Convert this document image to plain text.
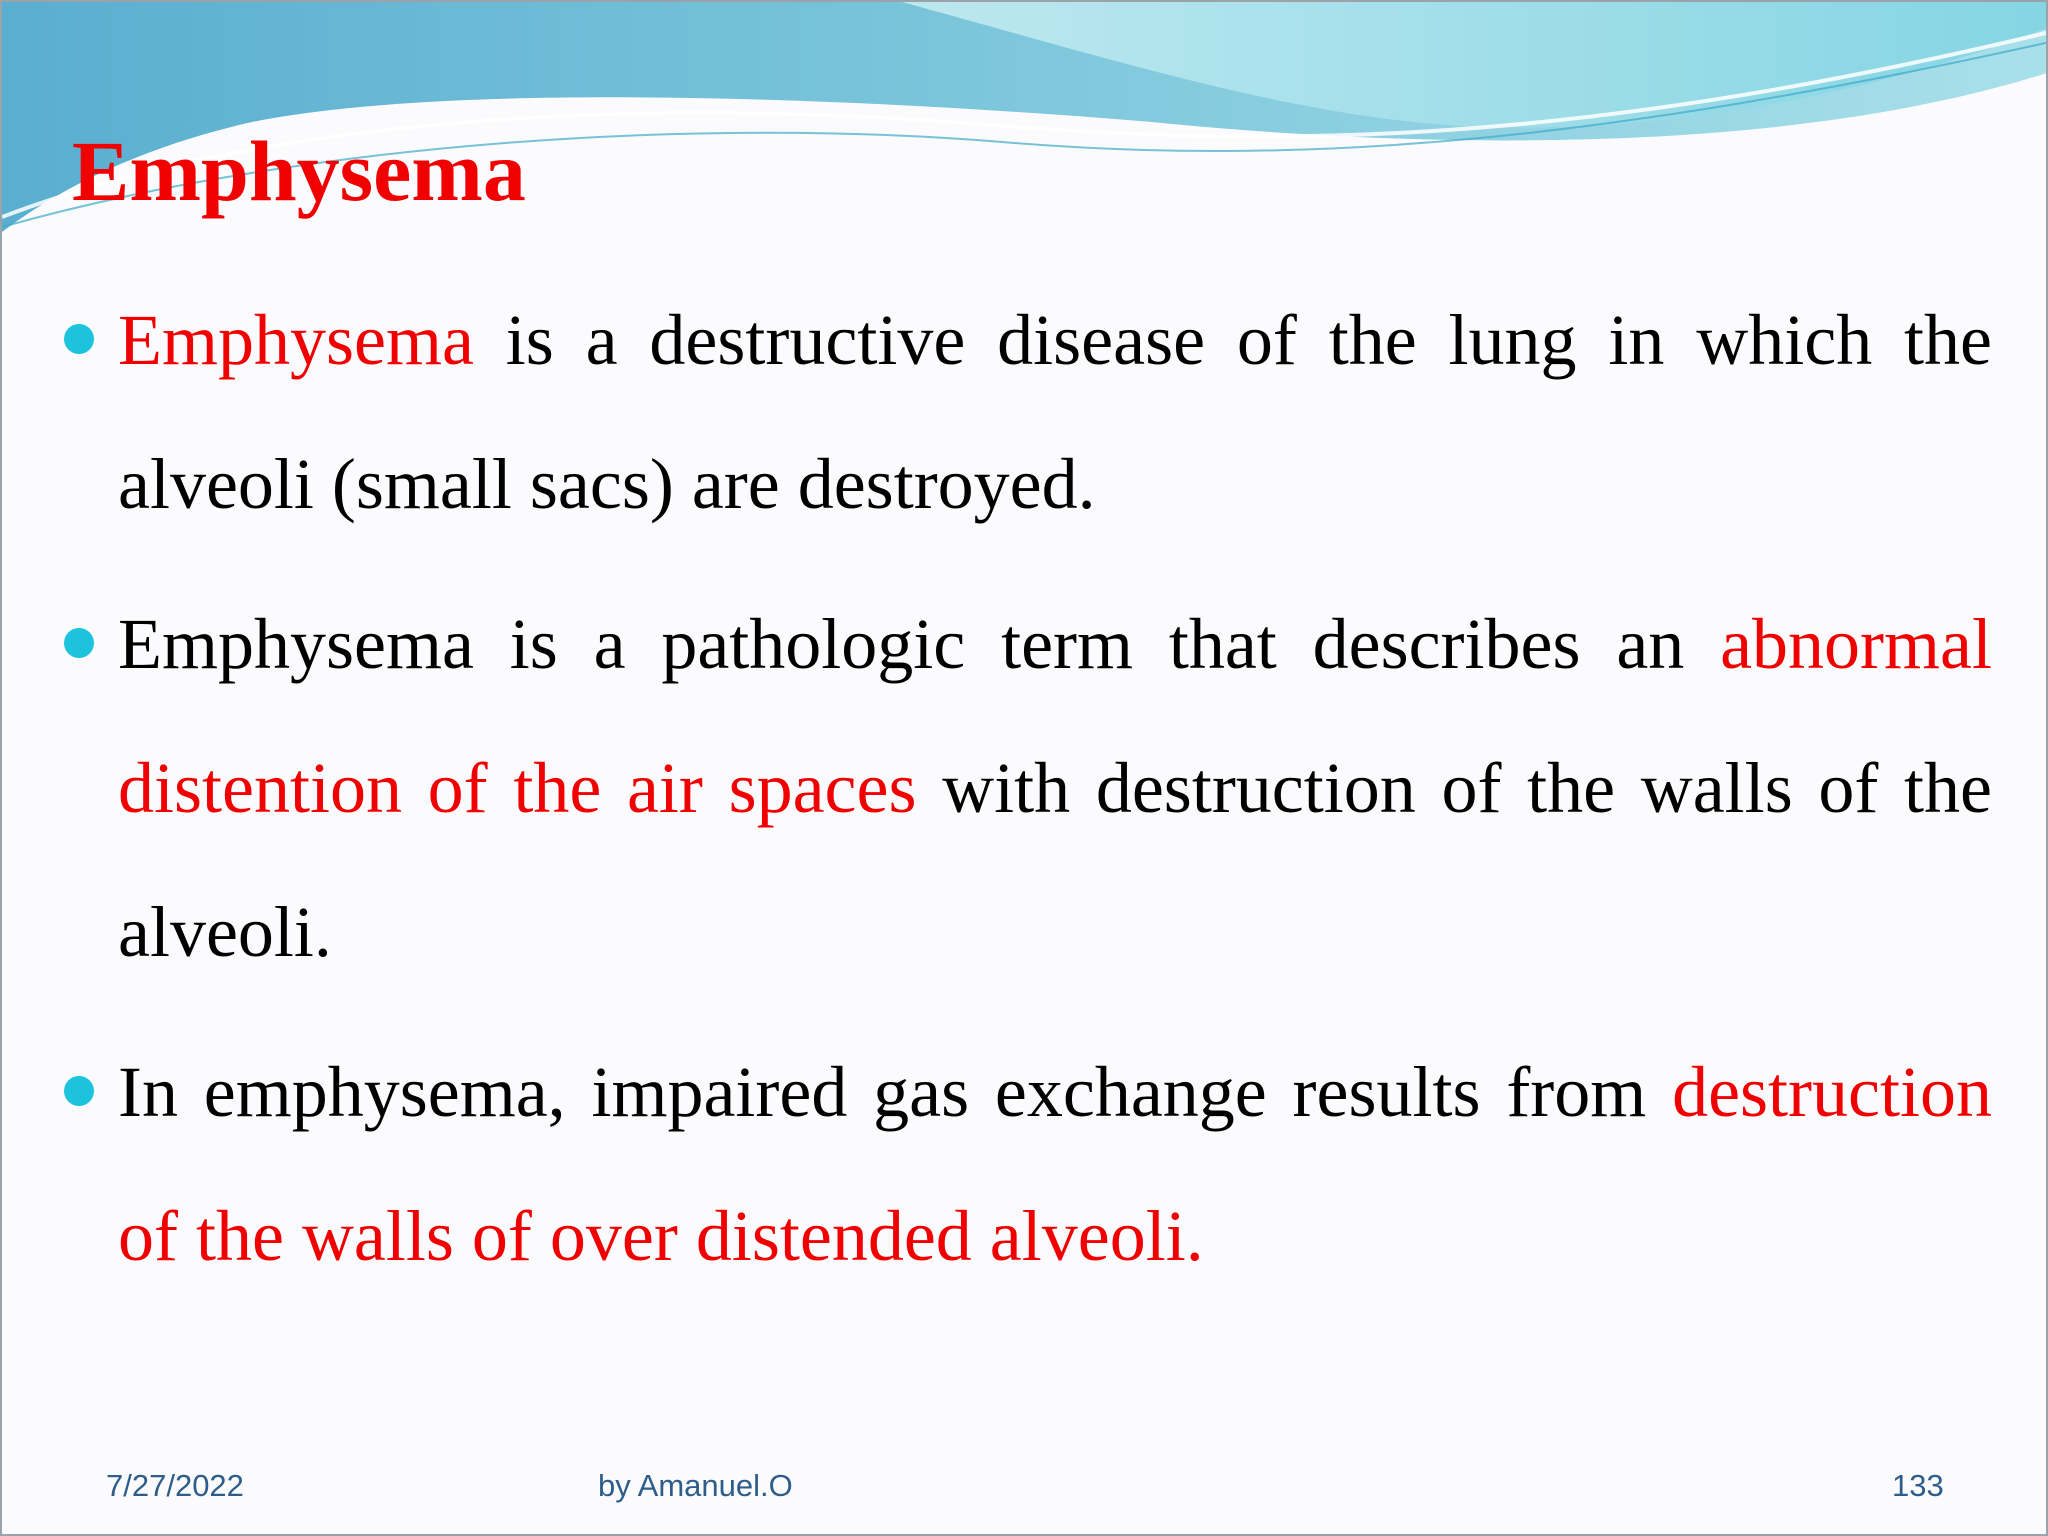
Emphysema
Emphysema is a destructive disease of the lung in which the alveoli (small sacs) are destroyed.
Emphysema is a pathologic term that describes an abnormal distention of the air spaces with destruction of the walls of the alveoli.
In emphysema, impaired gas exchange results from destruction of the walls of over distended alveoli.
7/27/2022	by Amanuel.O	133
